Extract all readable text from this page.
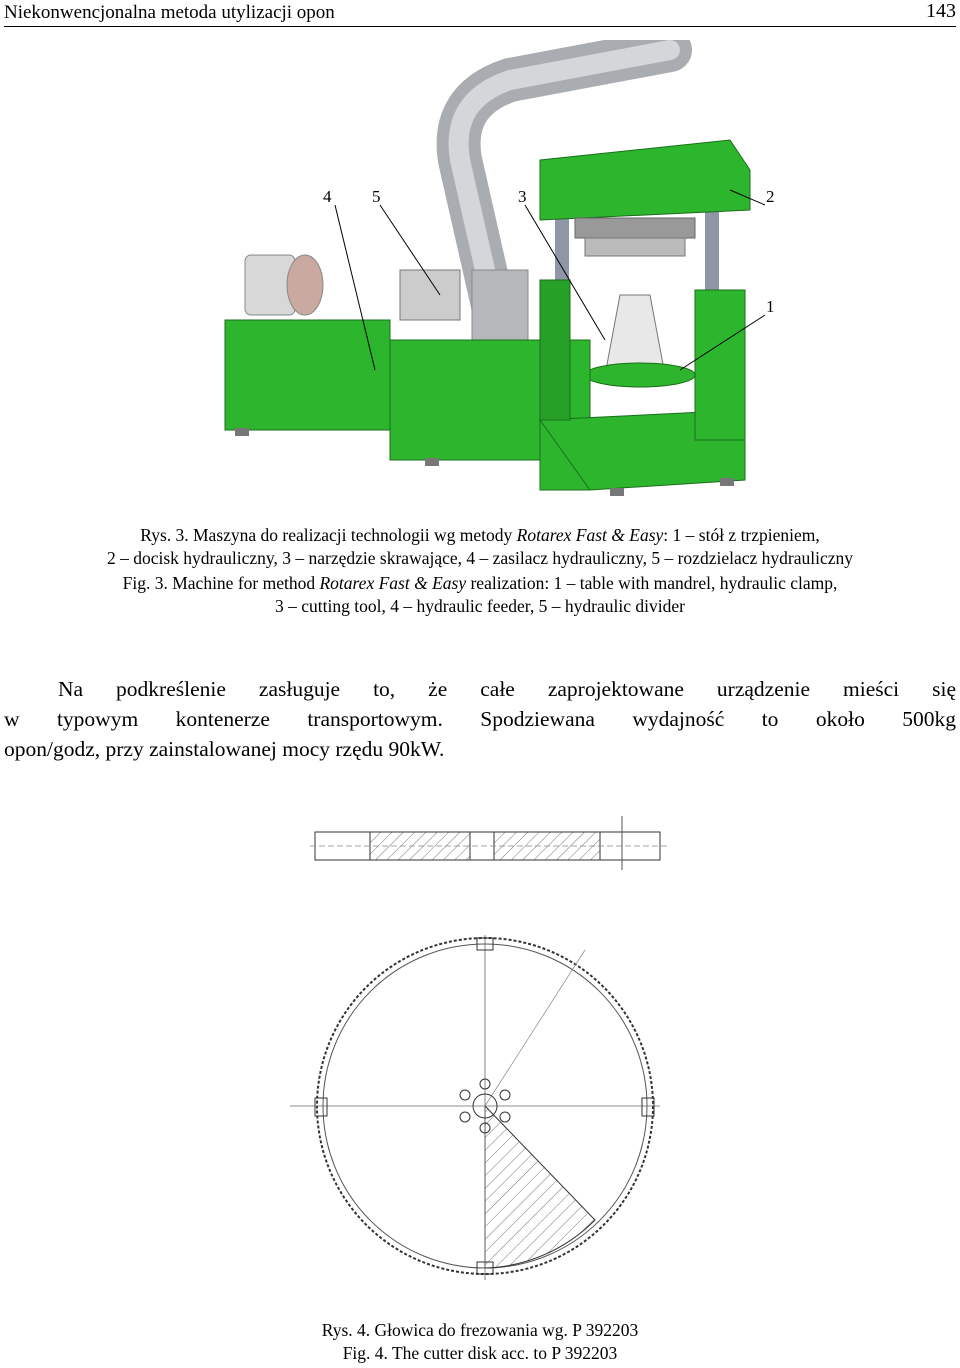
Niekonwencjonalna metoda utylizacji opon	143
4 5	3	2
1
Rys. 3. Maszyna do realizacji technologii wg metody Rotarex Fast & Easy: 1 – stół z trzpieniem,
2 – docisk hydrauliczny, 3 – narzędzie skrawające, 4 – zasilacz hydrauliczny, 5 – rozdzielacz hydrauliczny
Fig. 3. Machine for method Rotarex Fast & Easy realization: 1 – table with mandrel, hydraulic clamp,
3 – cutting tool, 4 – hydraulic feeder, 5 – hydraulic divider
Na podkreślenie zasługuje to, że całe zaprojektowane urządzenie mieści się
w typowym kontenerze transportowym. Spodziewana wydajność to około 500kg
opon/godz, przy zainstalowanej mocy rzędu 90kW.
Rys. 4. Głowica do frezowania wg. P 392203
Fig. 4. The cutter disk acc. to P 392203
